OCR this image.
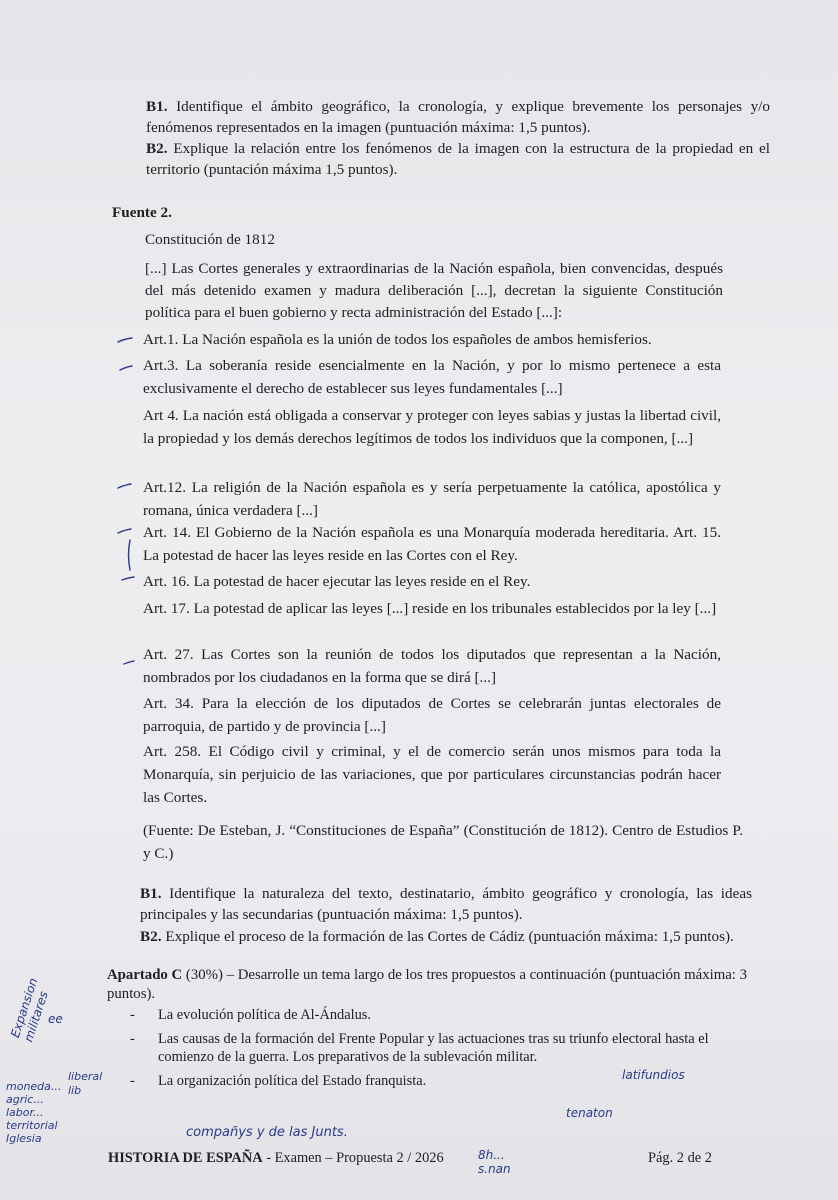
B1. Identifique el ámbito geográfico, la cronología, y explique brevemente los personajes y/o fenómenos representados en la imagen (puntuación máxima: 1,5 puntos).
B2. Explique la relación entre los fenómenos de la imagen con la estructura de la propiedad en el territorio (puntación máxima 1,5 puntos).
Fuente 2.
Constitución de 1812
[...] Las Cortes generales y extraordinarias de la Nación española, bien convencidas, después del más detenido examen y madura deliberación [...], decretan la siguiente Constitución política para el buen gobierno y recta administración del Estado [...]:
Art.1. La Nación española es la unión de todos los españoles de ambos hemisferios.
Art.3. La soberanía reside esencialmente en la Nación, y por lo mismo pertenece a esta exclusivamente el derecho de establecer sus leyes fundamentales [...]
Art 4. La nación está obligada a conservar y proteger con leyes sabias y justas la libertad civil, la propiedad y los demás derechos legítimos de todos los individuos que la componen, [...]
Art.12. La religión de la Nación española es y sería perpetuamente la católica, apostólica y romana, única verdadera [...]
Art. 14. El Gobierno de la Nación española es una Monarquía moderada hereditaria. Art. 15. La potestad de hacer las leyes reside en las Cortes con el Rey.
Art. 16. La potestad de hacer ejecutar las leyes reside en el Rey.
Art. 17. La potestad de aplicar las leyes [...] reside en los tribunales establecidos por la ley [...]
Art. 27. Las Cortes son la reunión de todos los diputados que representan a la Nación, nombrados por los ciudadanos en la forma que se dirá [...]
Art. 34. Para la elección de los diputados de Cortes se celebrarán juntas electorales de parroquia, de partido y de provincia [...]
Art. 258. El Código civil y criminal, y el de comercio serán unos mismos para toda la Monarquía, sin perjuicio de las variaciones, que por particulares circunstancias podrán hacer las Cortes.
(Fuente: De Esteban, J. “Constituciones de España” (Constitución de 1812). Centro de Estudios P. y C.)
B1. Identifique la naturaleza del texto, destinatario, ámbito geográfico y cronología, las ideas principales y las secundarias (puntuación máxima: 1,5 puntos).
B2. Explique el proceso de la formación de las Cortes de Cádiz (puntuación máxima: 1,5 puntos).
Apartado C (30%) – Desarrolle un tema largo de los tres propuestos a continuación (puntuación máxima: 3 puntos).
- La evolución política de Al-Ándalus.
- Las causas de la formación del Frente Popular y las actuaciones tras su triunfo electoral hasta el comienzo de la guerra. Los preparativos de la sublevación militar.
- La organización política del Estado franquista.
HISTORIA DE ESPAÑA - Examen – Propuesta 2 / 2026	Pág. 2 de 2
Expansion militares
ee
moneda... agric... labor... territorial Iglesia
liberal lib
latifundios
tenaton
compañys y de las Junts.
8h... s.nan
